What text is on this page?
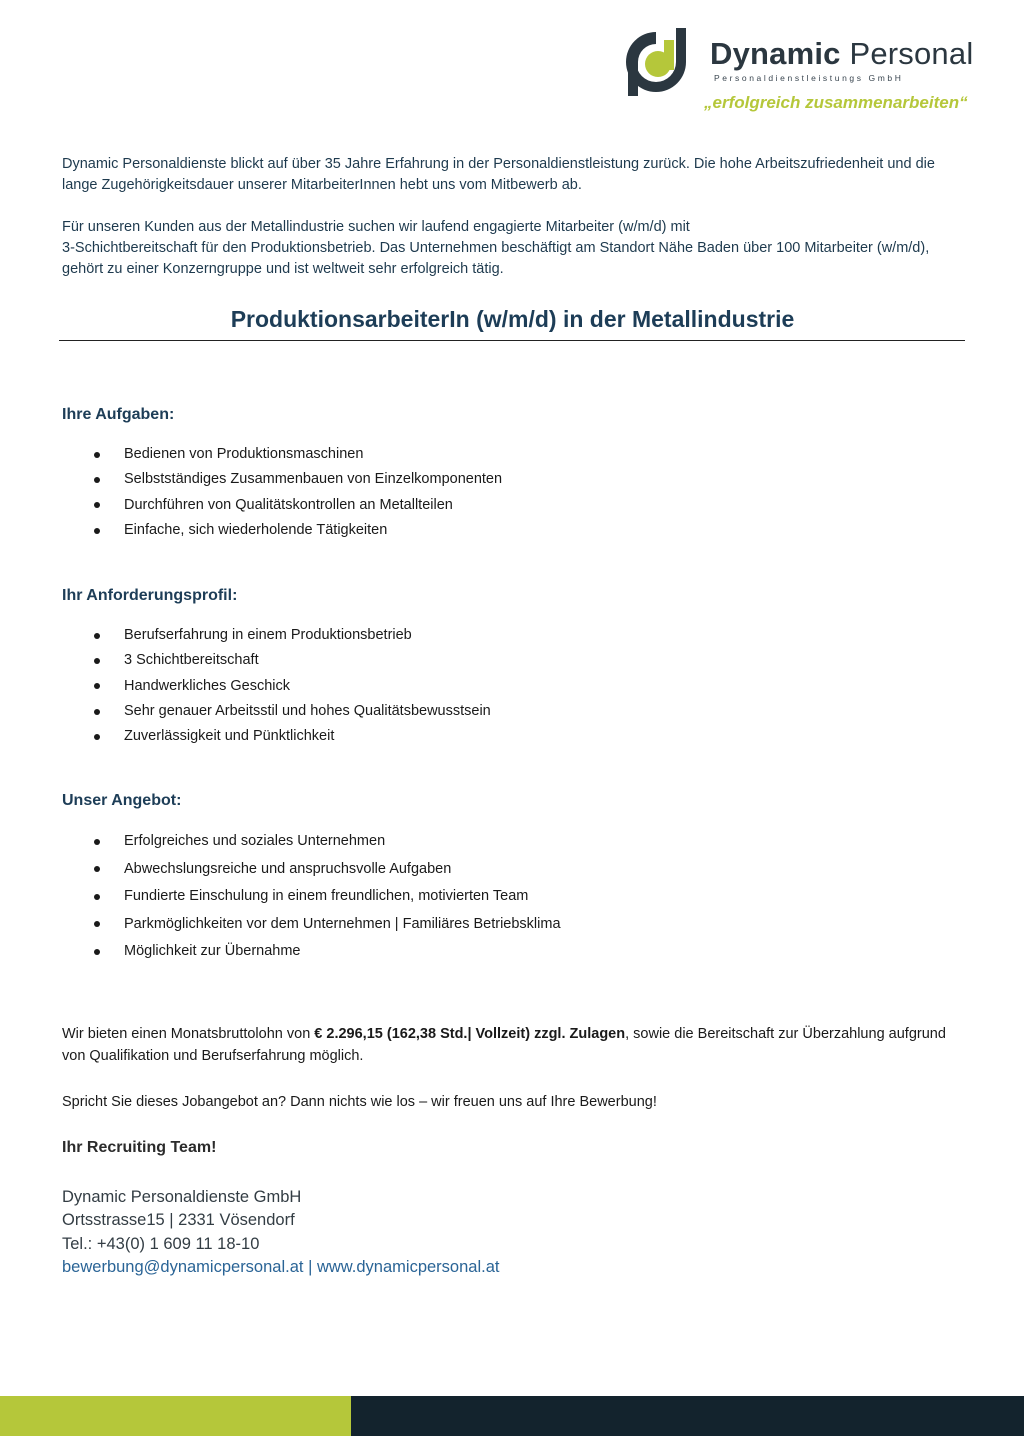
Dynamic Personal
Personaldienstleistungs GmbH
„erfolgreich zusammenarbeiten“

Dynamic Personaldienste blickt auf über 35 Jahre Erfahrung in der Personaldienstleistung zurück. Die hohe Arbeitszufriedenheit und die lange Zugehörigkeitsdauer unserer MitarbeiterInnen hebt uns vom Mitbewerb ab.

Für unseren Kunden aus der Metallindustrie suchen wir laufend engagierte Mitarbeiter (w/m/d) mit
3-Schichtbereitschaft für den Produktionsbetrieb. Das Unternehmen beschäftigt am Standort Nähe Baden über 100 Mitarbeiter (w/m/d), gehört zu einer Konzerngruppe und ist weltweit sehr erfolgreich tätig.

ProduktionsarbeiterIn (w/m/d) in der Metallindustrie
Ihre Aufgaben:
Bedienen von Produktionsmaschinen
Selbstständiges Zusammenbauen von Einzelkomponenten
Durchführen von Qualitätskontrollen an Metallteilen
Einfache, sich wiederholende Tätigkeiten
Ihr Anforderungsprofil:
Berufserfahrung in einem Produktionsbetrieb
3 Schichtbereitschaft
Handwerkliches Geschick
Sehr genauer Arbeitsstil und hohes Qualitätsbewusstsein
Zuverlässigkeit und Pünktlichkeit
Unser Angebot:
Erfolgreiches und soziales Unternehmen
Abwechslungsreiche und anspruchsvolle Aufgaben
Fundierte Einschulung in einem freundlichen, motivierten Team
Parkmöglichkeiten vor dem Unternehmen | Familiäres Betriebsklima
Möglichkeit zur Übernahme

Wir bieten einen Monatsbruttolohn von € 2.296,15 (162,38 Std.| Vollzeit) zzgl. Zulagen, sowie die Bereitschaft zur Überzahlung aufgrund von Qualifikation und Berufserfahrung möglich.

Spricht Sie dieses Jobangebot an? Dann nichts wie los – wir freuen uns auf Ihre Bewerbung!

Ihr Recruiting Team!

Dynamic Personaldienste GmbH
Ortsstrasse15 | 2331 Vösendorf
Tel.: +43(0) 1 609 11 18-10
bewerbung@dynamicpersonal.at | www.dynamicpersonal.at
